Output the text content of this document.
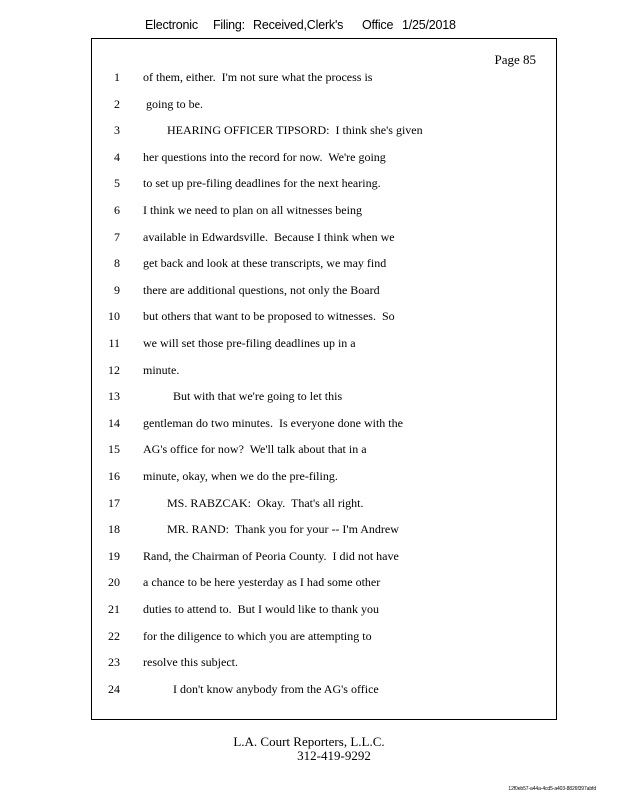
Electronic Filing: Received,Clerk's Office 1/25/2018
Page 85
1 of them, either.  I'm not sure what the process is
2 going to be.
3 HEARING OFFICER TIPSORD:  I think she's given
4 her questions into the record for now.  We're going
5 to set up pre-filing deadlines for the next hearing.
6 I think we need to plan on all witnesses being
7 available in Edwardsville.  Because I think when we
8 get back and look at these transcripts, we may find
9 there are additional questions, not only the Board
10 but others that want to be proposed to witnesses.  So
11 we will set those pre-filing deadlines up in a
12 minute.
13 But with that we're going to let this
14 gentleman do two minutes.  Is everyone done with the
15 AG's office for now?  We'll talk about that in a
16 minute, okay, when we do the pre-filing.
17 MS. RABZCAK:  Okay.  That's all right.
18 MR. RAND:  Thank you for your -- I'm Andrew
19 Rand, the Chairman of Peoria County.  I did not have
20 a chance to be here yesterday as I had some other
21 duties to attend to.  But I would like to thank you
22 for the diligence to which you are attempting to
23 resolve this subject.
24 I don't know anybody from the AG's office
L.A. Court Reporters, L.L.C.
312-419-9292
12f0eb57-a44a-4cd5-a403-8826f397abfd
